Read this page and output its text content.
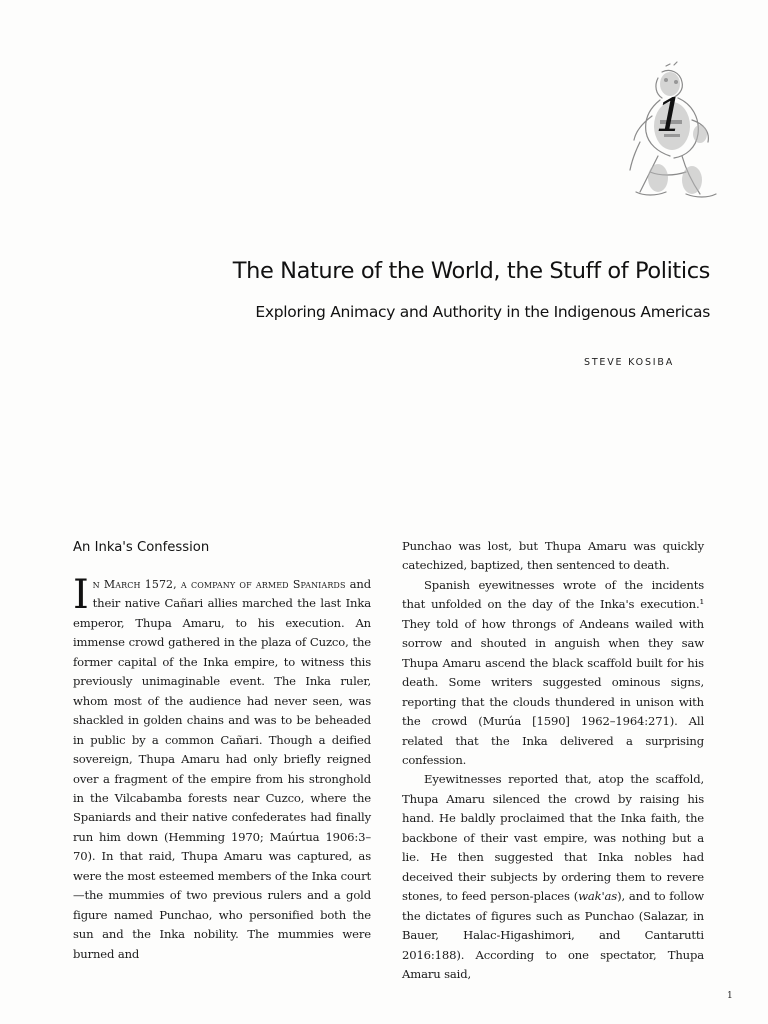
1
The Nature of the World, the Stuff of Politics
Exploring Animacy and Authority in the Indigenous Americas

STEVE KOSIBA

An Inka's Confession

In March 1572, a company of armed Spaniards and their native Cañari allies marched the last Inka emperor, Thupa Amaru, to his execution. An immense crowd gathered in the plaza of Cuzco, the former capital of the Inka empire, to witness this previously unimaginable event. The Inka ruler, whom most of the audience had never seen, was shackled in golden chains and was to be beheaded in public by a common Cañari. Though a deified sovereign, Thupa Amaru had only briefly reigned over a fragment of the empire from his stronghold in the Vilcabamba forests near Cuzco, where the Spaniards and their native confederates had finally run him down (Hemming 1970; Maúrtua 1906:3–70). In that raid, Thupa Amaru was captured, as were the most esteemed members of the Inka court—the mummies of two previous rulers and a gold figure named Punchao, who personified both the sun and the Inka nobility. The mummies were burned and

Punchao was lost, but Thupa Amaru was quickly catechized, baptized, then sentenced to death.

Spanish eyewitnesses wrote of the incidents that unfolded on the day of the Inka's execution.¹ They told of how throngs of Andeans wailed with sorrow and shouted in anguish when they saw Thupa Amaru ascend the black scaffold built for his death. Some writers suggested ominous signs, reporting that the clouds thundered in unison with the crowd (Murúa [1590] 1962–1964:271). All related that the Inka delivered a surprising confession.

Eyewitnesses reported that, atop the scaffold, Thupa Amaru silenced the crowd by raising his hand. He baldly proclaimed that the Inka faith, the backbone of their vast empire, was nothing but a lie. He then suggested that Inka nobles had deceived their subjects by ordering them to revere stones, to feed person-places (wak'as), and to follow the dictates of figures such as Punchao (Salazar, in Bauer, Halac-Higashimori, and Cantarutti 2016:188). According to one spectator, Thupa Amaru said,

1
